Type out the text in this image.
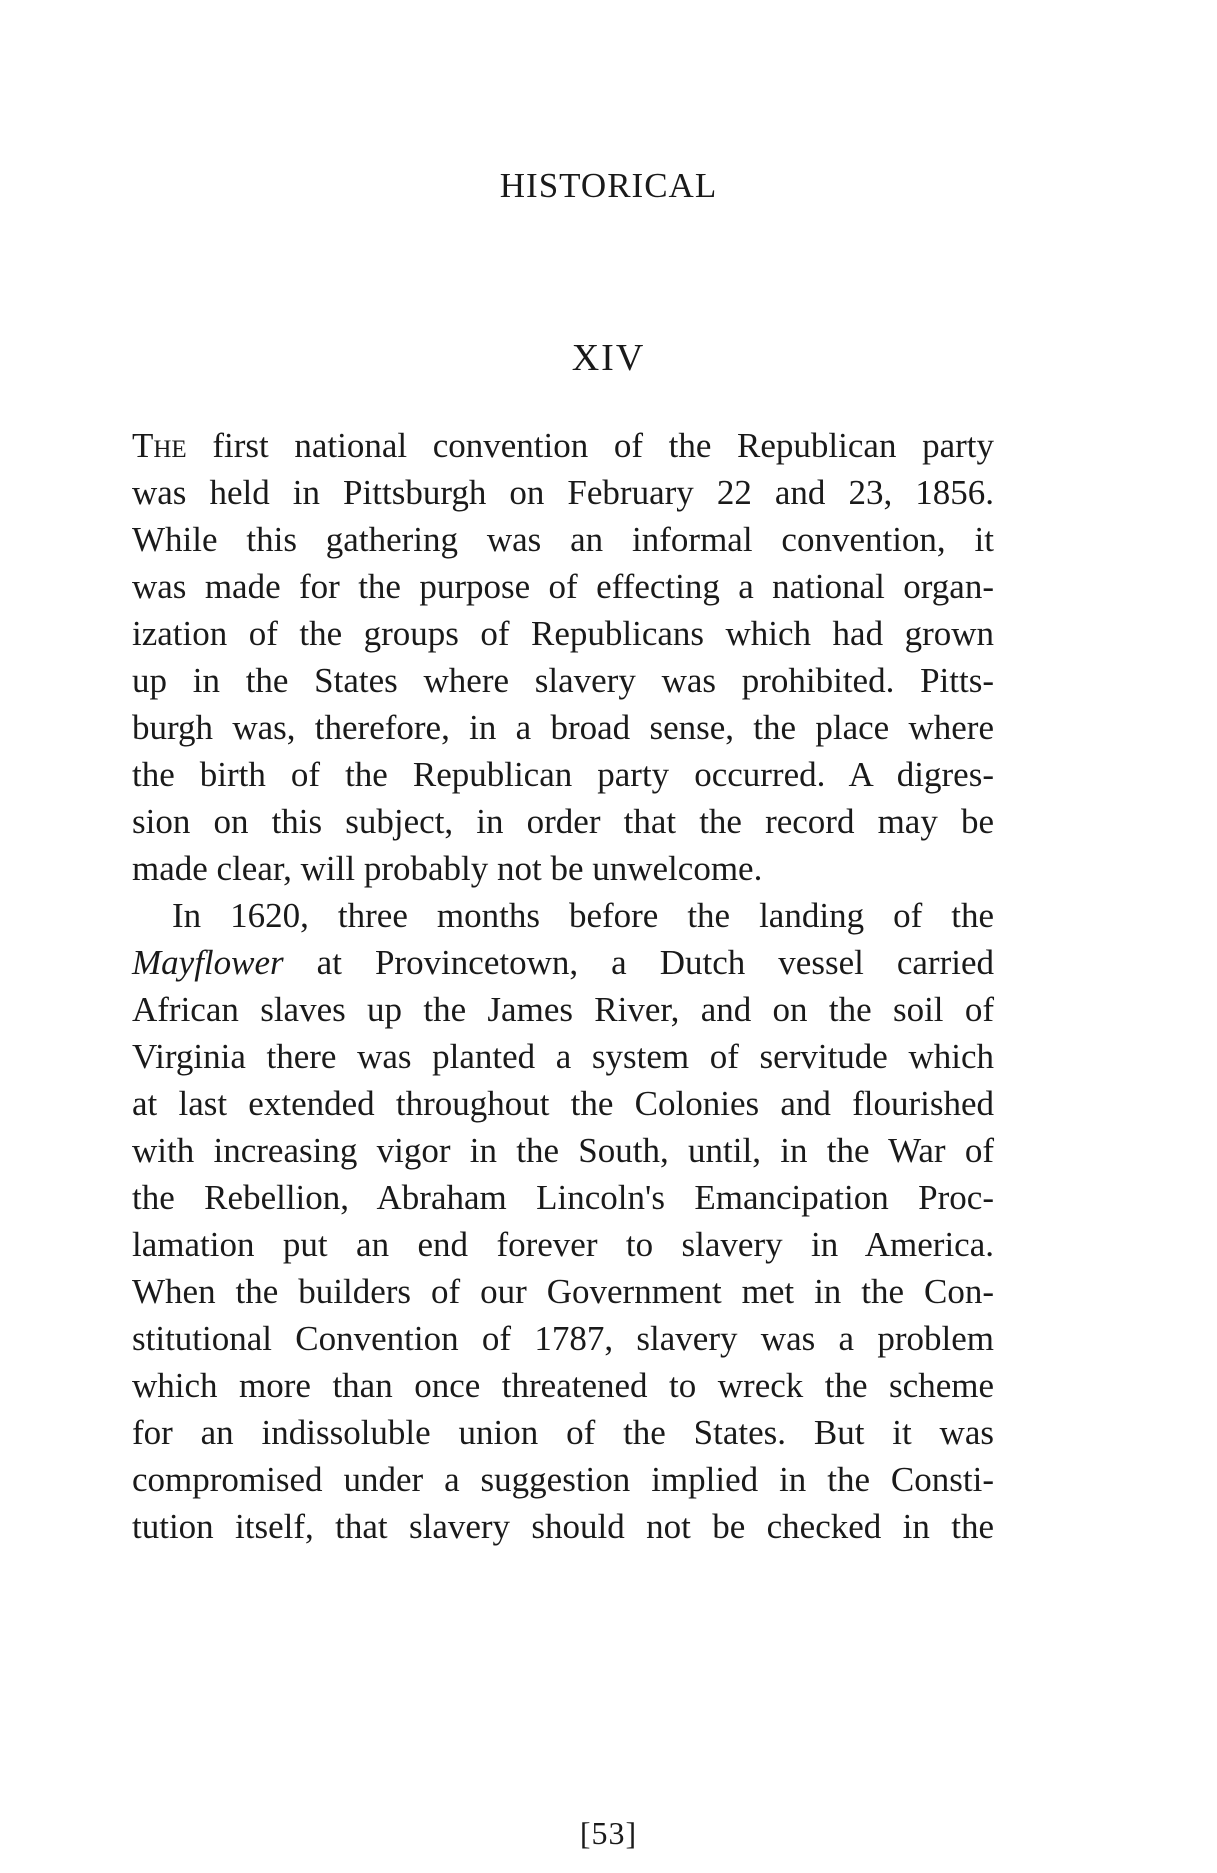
HISTORICAL
XIV

The first national convention of the Republican party
was held in Pittsburgh on February 22 and 23, 1856.
While this gathering was an informal convention, it
was made for the purpose of effecting a national organ-
ization of the groups of Republicans which had grown
up in the States where slavery was prohibited. Pitts-
burgh was, therefore, in a broad sense, the place where
the birth of the Republican party occurred. A digres-
sion on this subject, in order that the record may be
made clear, will probably not be unwelcome.

In 1620, three months before the landing of the
Mayflower at Provincetown, a Dutch vessel carried
African slaves up the James River, and on the soil of
Virginia there was planted a system of servitude which
at last extended throughout the Colonies and flourished
with increasing vigor in the South, until, in the War of
the Rebellion, Abraham Lincoln's Emancipation Proc-
lamation put an end forever to slavery in America.
When the builders of our Government met in the Con-
stitutional Convention of 1787, slavery was a problem
which more than once threatened to wreck the scheme
for an indissoluble union of the States. But it was
compromised under a suggestion implied in the Consti-
tution itself, that slavery should not be checked in the

[53]
